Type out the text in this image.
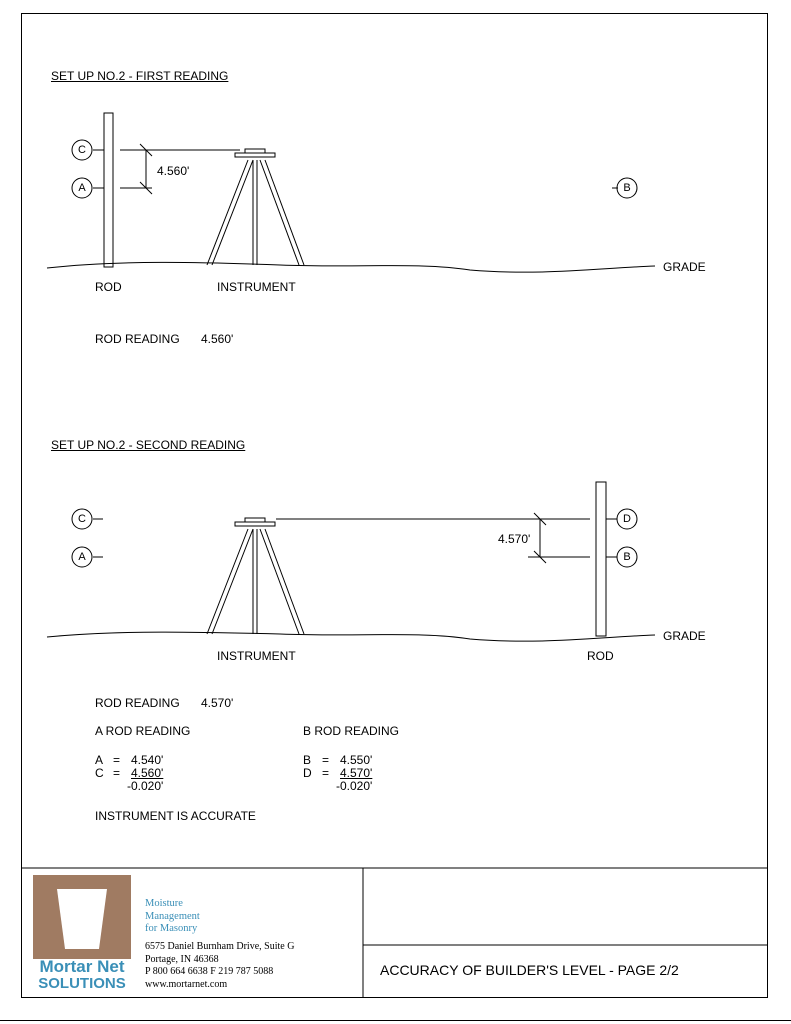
C
A	B
C
A
D
B
SET UP NO.2 - FIRST READING
4.560'
GRADE
ROD	INSTRUMENT
ROD READING 4.560'
SET UP NO.2 - SECOND READING
4.570'
GRADE
INSTRUMENT	ROD
ROD READING 4.570'
A ROD READING
A = 4.540'
C = 4.560'
-0.020'
B ROD READING
B = 4.550'
D = 4.570'
-0.020'
INSTRUMENT IS ACCURATE
Mortar Net
SOLUTIONS
Moisture
Management
for Masonry
6575 Daniel Burnham Drive, Suite G
Portage, IN 46368
P 800 664 6638 F 219 787 5088
www.mortarnet.com
ACCURACY OF BUILDER'S LEVEL - PAGE 2/2
